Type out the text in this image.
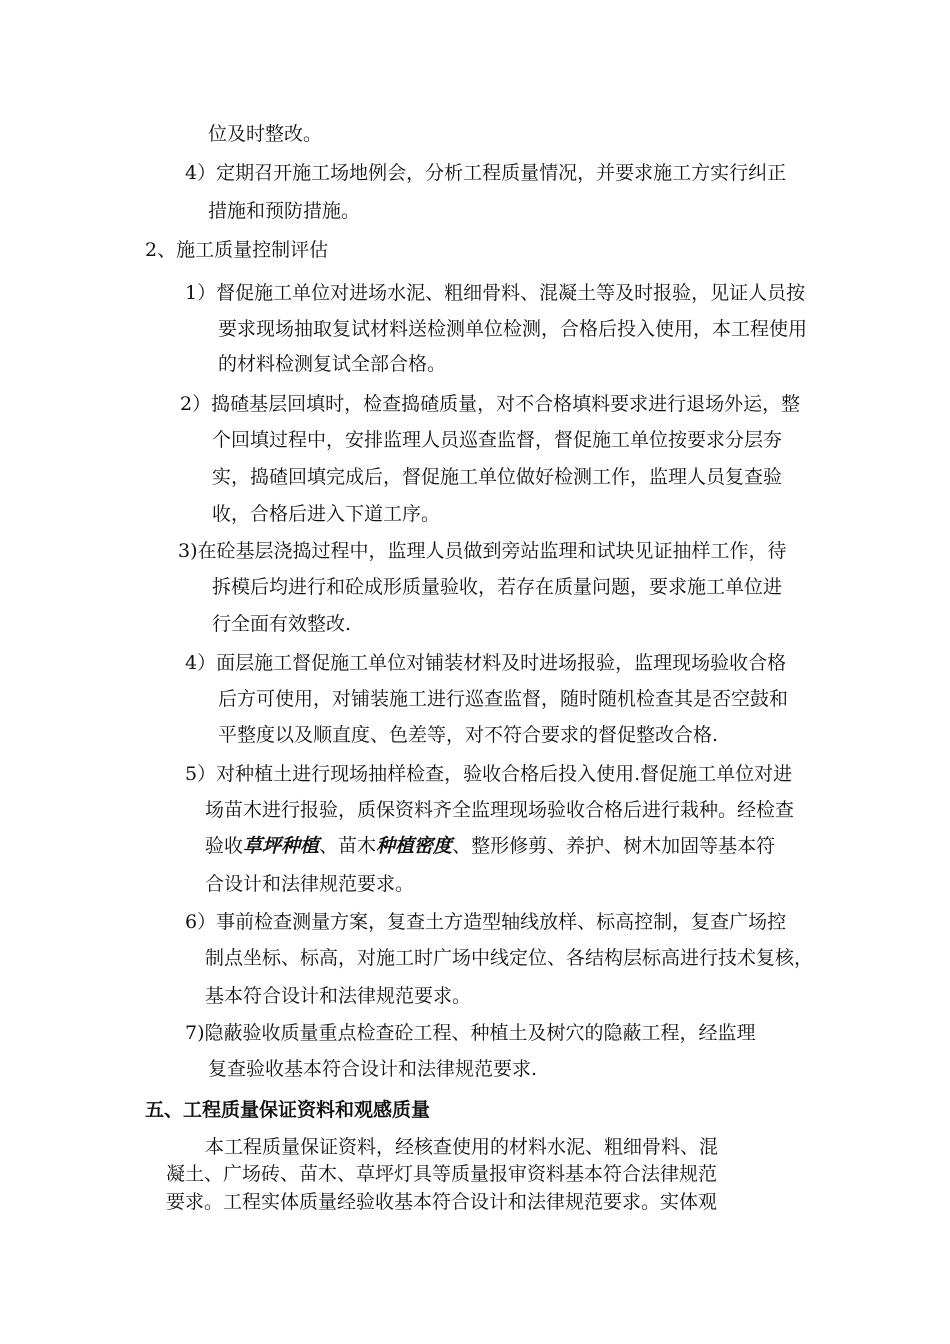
位及时整改。
4）定期召开施工场地例会，分析工程质量情况，并要求施工方实行纠正
措施和预防措施。
2、施工质量控制评估
1）督促施工单位对进场水泥、粗细骨料、混凝土等及时报验，见证人员按
要求现场抽取复试材料送检测单位检测，合格后投入使用，本工程使用
的材料检测复试全部合格。
2）捣碴基层回填时，检查捣碴质量，对不合格填料要求进行退场外运，整
个回填过程中，安排监理人员巡查监督，督促施工单位按要求分层夯
实，捣碴回填完成后，督促施工单位做好检测工作，监理人员复查验
收，合格后进入下道工序。
3)在砼基层浇捣过程中，监理人员做到旁站监理和试块见证抽样工作，待
拆模后均进行和砼成形质量验收，若存在质量问题，要求施工单位进
行全面有效整改.
4）面层施工督促施工单位对铺装材料及时进场报验，监理现场验收合格
后方可使用，对铺装施工进行巡查监督，随时随机检查其是否空鼓和
平整度以及顺直度、色差等，对不符合要求的督促整改合格.
5）对种植土进行现场抽样检查，验收合格后投入使用.督促施工单位对进
场苗木进行报验，质保资料齐全监理现场验收合格后进行栽种。经检查
验收草坪种植、苗木种植密度、整形修剪、养护、树木加固等基本符
合设计和法律规范要求。
6）事前检查测量方案，复查土方造型轴线放样、标高控制，复查广场控
制点坐标、标高，对施工时广场中线定位、各结构层标高进行技术复核，
基本符合设计和法律规范要求。
7)隐蔽验收质量重点检查砼工程、种植土及树穴的隐蔽工程，经监理
复查验收基本符合设计和法律规范要求.
五、工程质量保证资料和观感质量
本工程质量保证资料，经核查使用的材料水泥、粗细骨料、混
凝土、广场砖、苗木、草坪灯具等质量报审资料基本符合法律规范
要求。工程实体质量经验收基本符合设计和法律规范要求。实体观
